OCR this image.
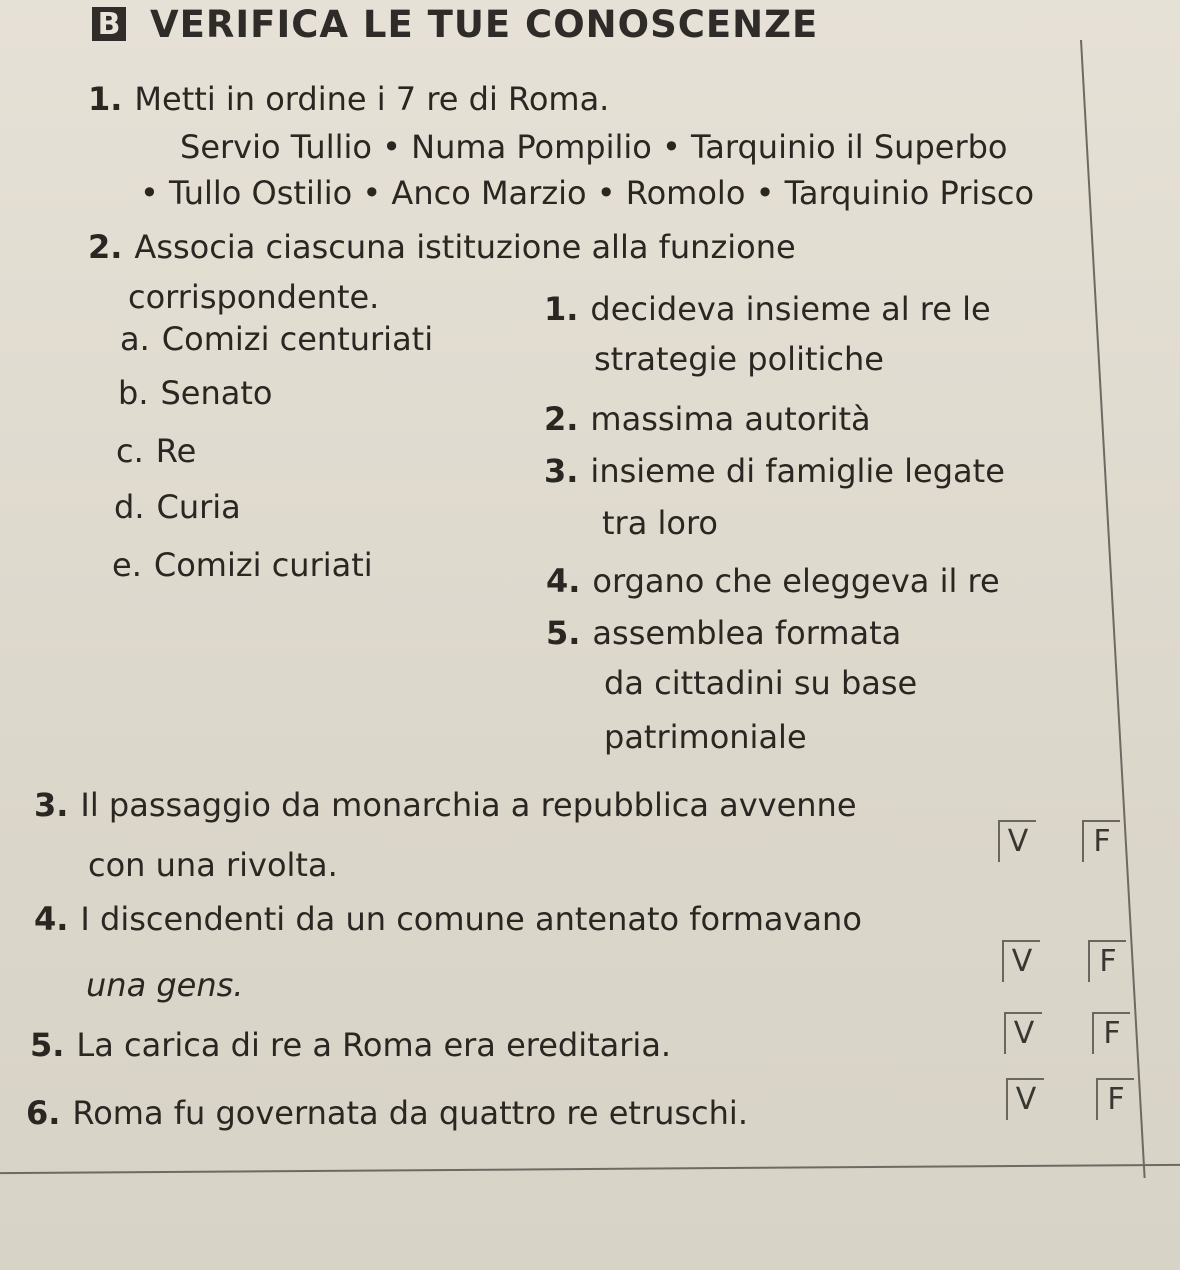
B VERIFICA LE TUE CONOSCENZE
1. Metti in ordine i 7 re di Roma.
Servio Tullio • Numa Pompilio • Tarquinio il Superbo
• Tullo Ostilio • Anco Marzio • Romolo • Tarquinio Prisco
2. Associa ciascuna istituzione alla funzione
corrispondente.
a. Comizi centuriati
b. Senato
c. Re
d. Curia
e. Comizi curiati
1. decideva insieme al re le
strategie politiche
2. massima autorità
3. insieme di famiglie legate
tra loro
4. organo che eleggeva il re
5. assemblea formata
da cittadini su base
patrimoniale
3. Il passaggio da monarchia a repubblica avvenne
con una rivolta.
V	F
4. I discendenti da un comune antenato formavano
una gens.
V	F
5. La carica di re a Roma era ereditaria.	V	F
6. Roma fu governata da quattro re etruschi.	V	F
